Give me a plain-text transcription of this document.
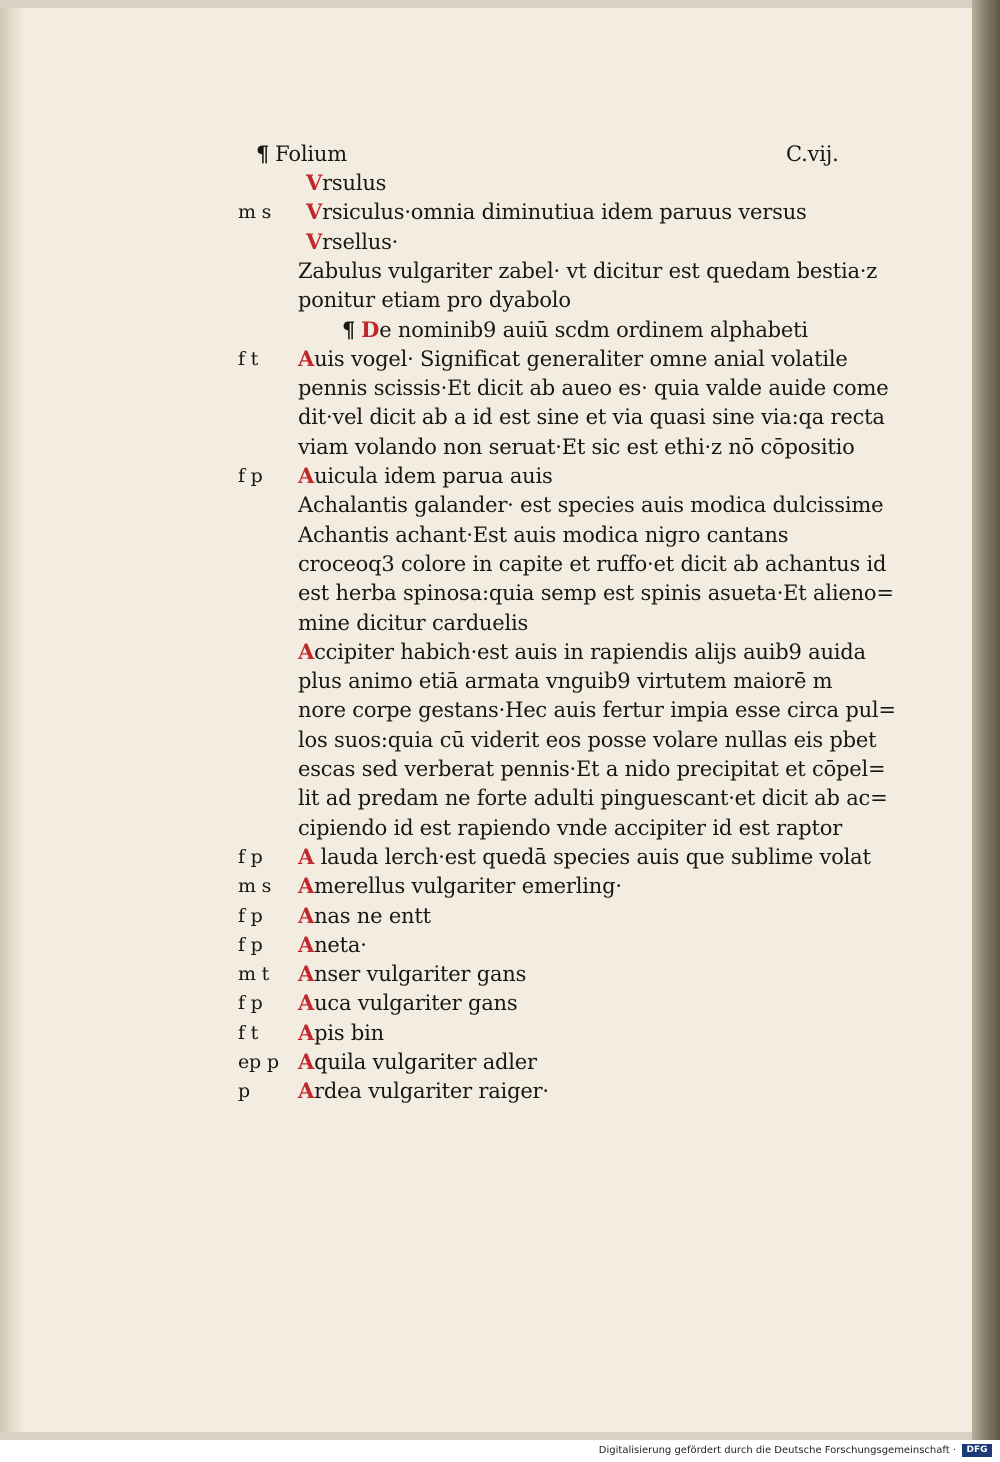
¶ Folium	C.vij.
Vrsulus
m s	Vrsiculus·omnia diminutiua idem paruus versus
Vrsellus·
Zabulus vulgariter zabel· vt dicitur est quedam bestia·z
ponitur etiam pro dyabolo
¶ De nominib9 auiū scdm ordinem alphabeti
f t	Auis vogel· Significat generaliter omne anial volatile
pennis scissis·Et dicit ab aueo es· quia valde auide come
dit·vel dicit ab a id est sine et via quasi sine via:qa recta
viam volando non seruat·Et sic est ethi·z nō cōpositio
f p	Auicula idem parua auis
Achalantis galander· est species auis modica dulcissime
Achantis achant·Est auis modica nigro cantans
croceoq3 colore in capite et ruffo·et dicit ab achantus id
est herba spinosa:quia semp est spinis asueta·Et alieno=
mine dicitur carduelis
Accipiter habich·est auis in rapiendis alijs auib9 auida
plus animo etiā armata vnguib9 virtutem maiorē m
nore corpe gestans·Hec auis fertur impia esse circa pul=
los suos:quia cū viderit eos posse volare nullas eis pbet
escas sed verberat pennis·Et a nido precipitat et cōpel=
lit ad predam ne forte adulti pinguescant·et dicit ab ac=
cipiendo id est rapiendo vnde accipiter id est raptor
f p	A lauda lerch·est quedā species auis que sublime volat
m s	Amerellus vulgariter emerling·
f p	Anas ne entt
f p	Aneta·
m t	Anser vulgariter gans
f p	Auca vulgariter gans
f t	Apis bin
ep p Aquila vulgariter adler
p	Ardea vulgariter raiger·
Digitalisierung gefördert durch die Deutsche Forschungsgemeinschaft ·	DFG
